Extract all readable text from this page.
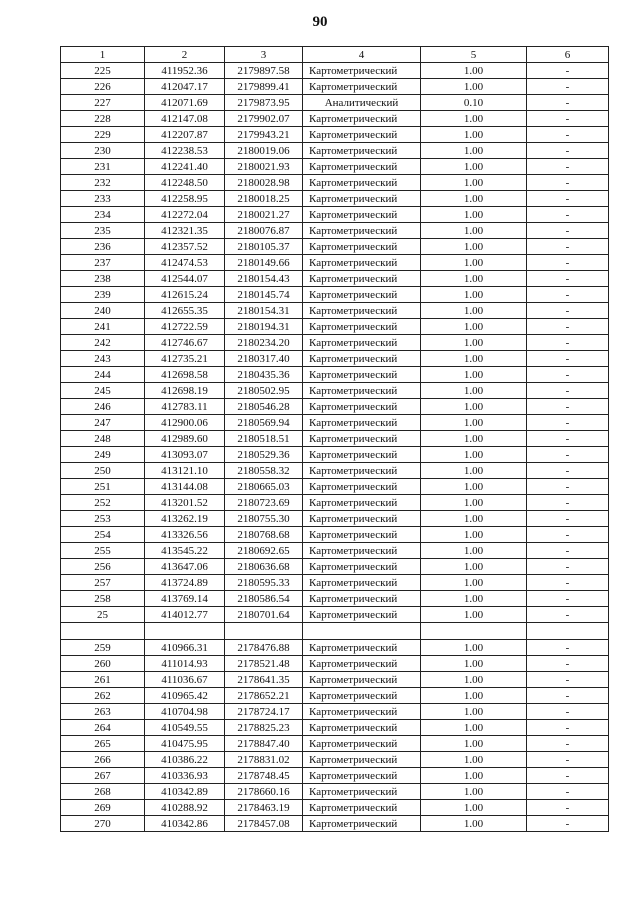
90
1	2	3	4	5	6
225	411952.36	2179897.58	Картометрический	1.00	-
226	412047.17	2179899.41	Картометрический	1.00	-
227	412071.69	2179873.95	Аналитический	0.10	-
228	412147.08	2179902.07	Картометрический	1.00	-
229	412207.87	2179943.21	Картометрический	1.00	-
230	412238.53	2180019.06	Картометрический	1.00	-
231	412241.40	2180021.93	Картометрический	1.00	-
232	412248.50	2180028.98	Картометрический	1.00	-
233	412258.95	2180018.25	Картометрический	1.00	-
234	412272.04	2180021.27	Картометрический	1.00	-
235	412321.35	2180076.87	Картометрический	1.00	-
236	412357.52	2180105.37	Картометрический	1.00	-
237	412474.53	2180149.66	Картометрический	1.00	-
238	412544.07	2180154.43	Картометрический	1.00	-
239	412615.24	2180145.74	Картометрический	1.00	-
240	412655.35	2180154.31	Картометрический	1.00	-
241	412722.59	2180194.31	Картометрический	1.00	-
242	412746.67	2180234.20	Картометрический	1.00	-
243	412735.21	2180317.40	Картометрический	1.00	-
244	412698.58	2180435.36	Картометрический	1.00	-
245	412698.19	2180502.95	Картометрический	1.00	-
246	412783.11	2180546.28	Картометрический	1.00	-
247	412900.06	2180569.94	Картометрический	1.00	-
248	412989.60	2180518.51	Картометрический	1.00	-
249	413093.07	2180529.36	Картометрический	1.00	-
250	413121.10	2180558.32	Картометрический	1.00	-
251	413144.08	2180665.03	Картометрический	1.00	-
252	413201.52	2180723.69	Картометрический	1.00	-
253	413262.19	2180755.30	Картометрический	1.00	-
254	413326.56	2180768.68	Картометрический	1.00	-
255	413545.22	2180692.65	Картометрический	1.00	-
256	413647.06	2180636.68	Картометрический	1.00	-
257	413724.89	2180595.33	Картометрический	1.00	-
258	413769.14	2180586.54	Картометрический	1.00	-
25	414012.77	2180701.64	Картометрический	1.00	-

259	410966.31	2178476.88	Картометрический	1.00	-
260	411014.93	2178521.48	Картометрический	1.00	-
261	411036.67	2178641.35	Картометрический	1.00	-
262	410965.42	2178652.21	Картометрический	1.00	-
263	410704.98	2178724.17	Картометрический	1.00	-
264	410549.55	2178825.23	Картометрический	1.00	-
265	410475.95	2178847.40	Картометрический	1.00	-
266	410386.22	2178831.02	Картометрический	1.00	-
267	410336.93	2178748.45	Картометрический	1.00	-
268	410342.89	2178660.16	Картометрический	1.00	-
269	410288.92	2178463.19	Картометрический	1.00	-
270	410342.86	2178457.08	Картометрический	1.00	-
